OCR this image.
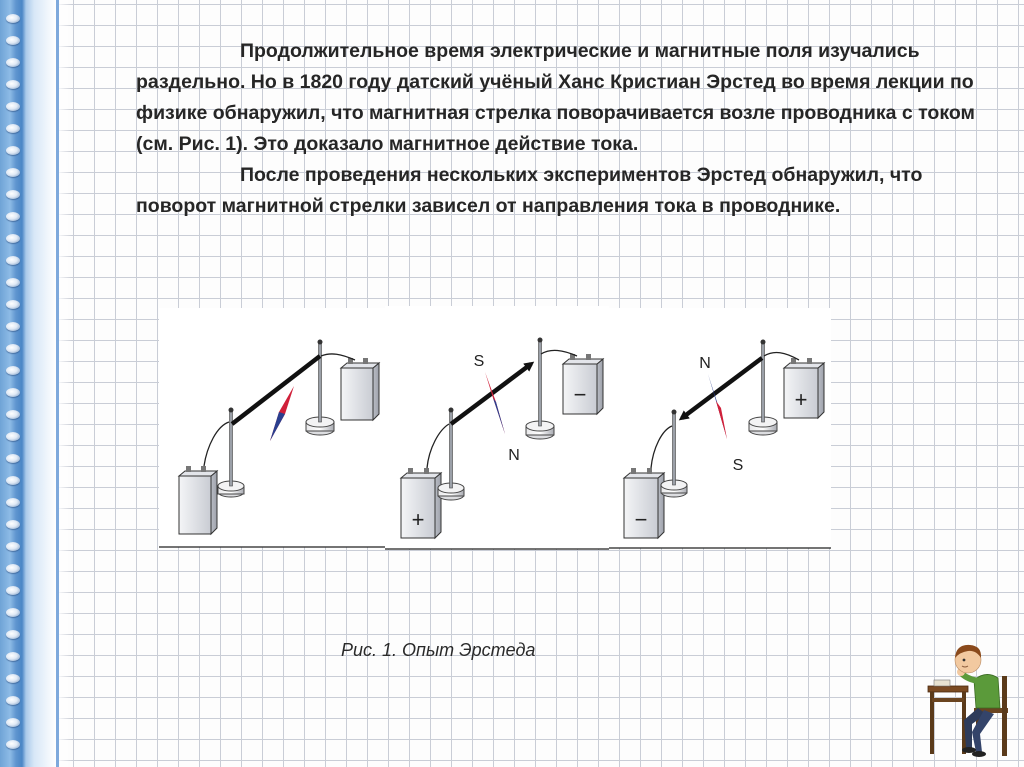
Продолжительное время электрические и магнитные поля изучались раздельно. Но в 1820 году датский учёный Ханс Кристиан Эрстед во время лекции по физике обнаружил, что магнитная стрелка поворачивается возле проводника с током (см. Рис. 1). Это доказало магнитное действие тока.

После проведения нескольких экспериментов Эрстед обнаружил, что поворот магнитной стрелки зависел от направления тока в проводнике.

+
−
S
N
−
+
N
S
Рис. 1. Опыт Эрстеда
